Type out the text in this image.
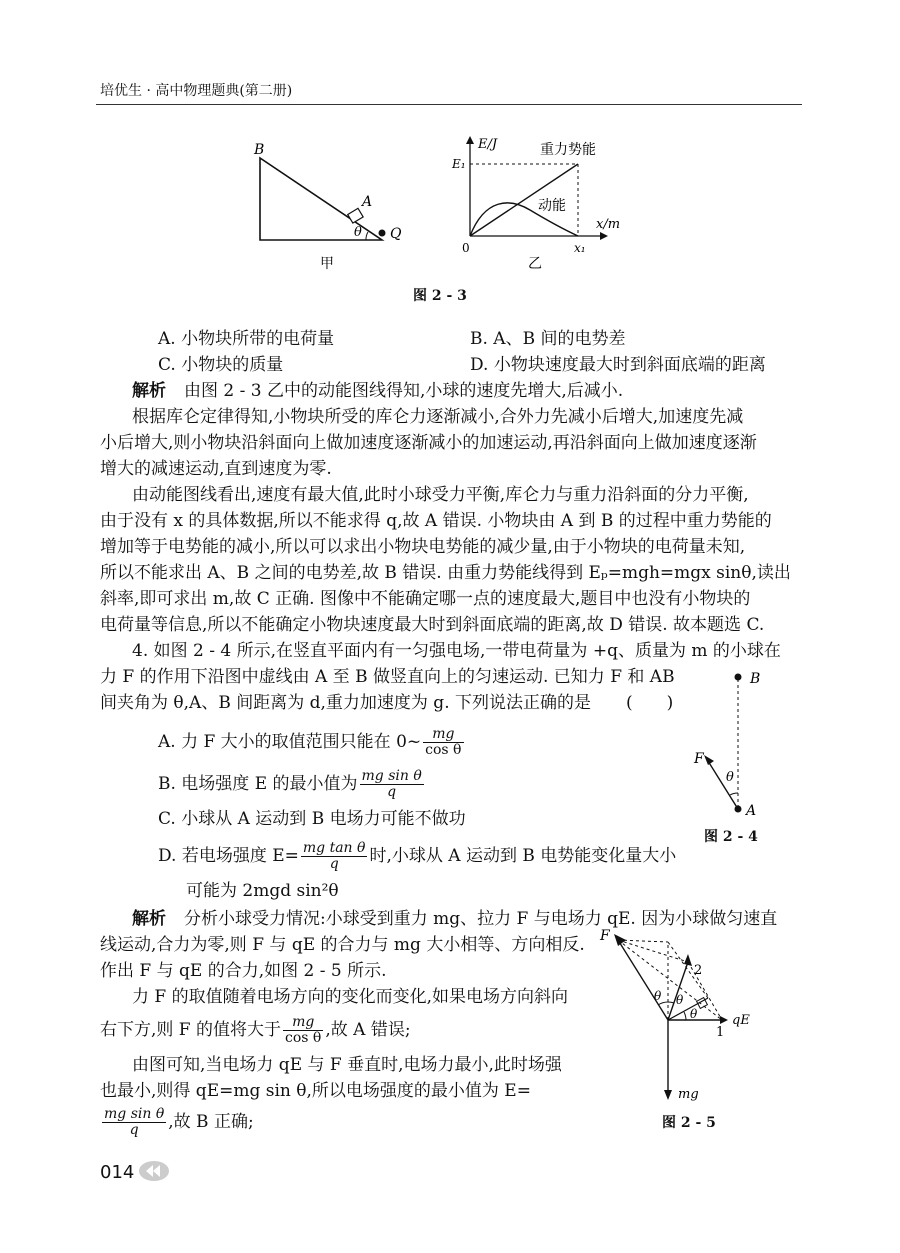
培优生 · 高中物理题典(第二册)
B
A
θ Q
甲
E/J
E₁
x/m
0	x₁
重力势能
动能
乙
图 2 - 3
A. 小物块所带的电荷量	B. A、B 间的电势差
C. 小物块的质量	D. 小物块速度最大时到斜面底端的距离
解析 由图 2 - 3 乙中的动能图线得知,小球的速度先增大,后减小.
根据库仑定律得知,小物块所受的库仑力逐渐减小,合外力先减小后增大,加速度先减
小后增大,则小物块沿斜面向上做加速度逐渐减小的加速运动,再沿斜面向上做加速度逐渐
增大的减速运动,直到速度为零.
由动能图线看出,速度有最大值,此时小球受力平衡,库仑力与重力沿斜面的分力平衡,
由于没有 x 的具体数据,所以不能求得 q,故 A 错误. 小物块由 A 到 B 的过程中重力势能的
增加等于电势能的减小,所以可以求出小物块电势能的减少量,由于小物块的电荷量未知,
所以不能求出 A、B 之间的电势差,故 B 错误. 由重力势能线得到 Eₚ=mgh=mgx sinθ,读出
斜率,即可求出 m,故 C 正确. 图像中不能确定哪一点的速度最大,题目中也没有小物块的
电荷量等信息,所以不能确定小物块速度最大时到斜面底端的距离,故 D 错误. 故本题选 C.
4. 如图 2 - 4 所示,在竖直平面内有一匀强电场,一带电荷量为 +q、质量为 m 的小球在
力 F 的作用下沿图中虚线由 A 至 B 做竖直向上的匀速运动. 已知力 F 和 AB
间夹角为 θ,A、B 间距离为 d,重力加速度为 g. 下列说法正确的是 (　　)
A. 力 F 大小的取值范围只能在 0~ $\frac{mg}{\text{cos θ}}$
B. 电场强度 E 的最小值为 $\frac{\text{mg sin θ}}{q}$
C. 小球从 A 运动到 B 电场力可能不做功
D. 若电场强度 $E= \frac{\text{mg tan θ}}{q}$ 时,小球从 A 运动到 B 电势能变化量大小
可能为 2mgd sin²θ
B
F
θ
A
图 2 - 4
解析 分析小球受力情况:小球受到重力 mg、拉力 F 与电场力 qE. 因为小球做匀速直
线运动,合力为零,则 F 与 qE 的合力与 mg 大小相等、方向相反.
作出 F 与 qE 的合力,如图 2 - 5 所示.
力 F 的取值随着电场方向的变化而变化,如果电场方向斜向
右下方,则 F 的值将大于 $\frac{mg}{\text{cos θ}}$ ,故 A 错误;
由图可知,当电场力 qE 与 F 垂直时,电场力最小,此时场强
也最小,则得 qE=mg sin θ,所以电场强度的最小值为 E=
$\frac{\text{mg sin θ}}{q}$ ,故 B 正确;
F
2
qE
1
mg
θ θ
θ
图 2 - 5
014
